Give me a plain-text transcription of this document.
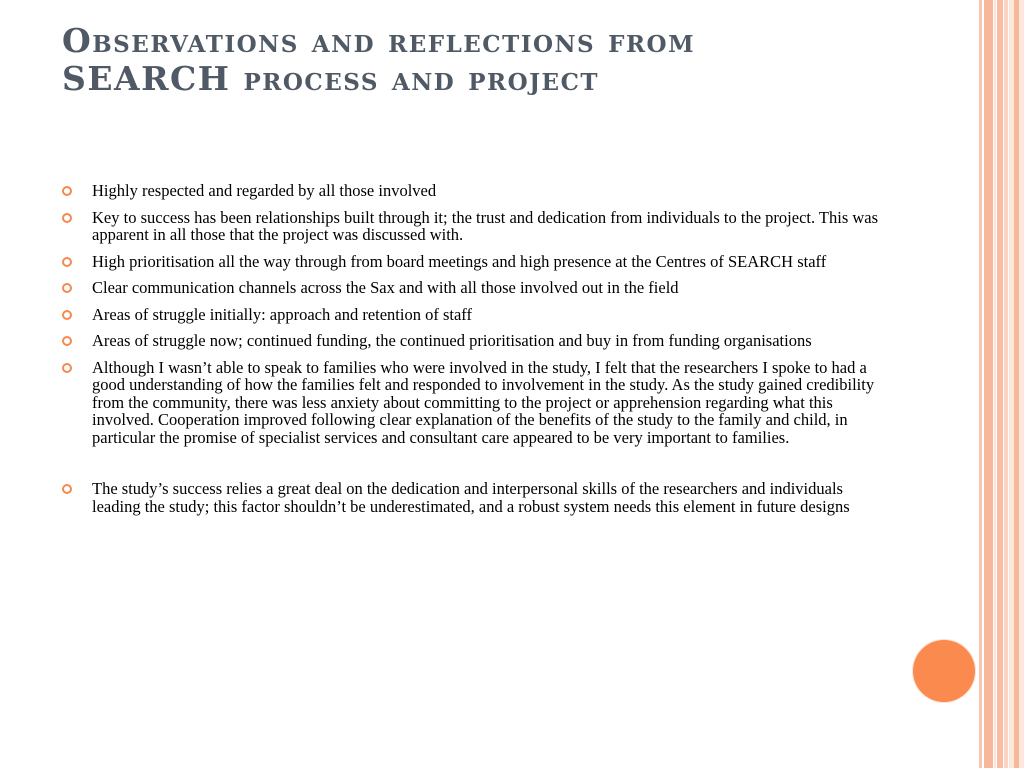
Observations and reflections from
SEARCH process and project
Highly respected and regarded by all those involved
Key to success has been relationships built through it; the trust and dedication from individuals to the project. This was apparent in all those that the project was discussed with.
High prioritisation all the way through from board meetings and high presence at the Centres of SEARCH staff
Clear communication channels across the Sax and with all those involved out in the field
Areas of struggle initially: approach and retention of staff
Areas of struggle now; continued funding, the continued prioritisation and buy in from funding organisations
Although I wasn’t able to speak to families who were involved in the study, I felt that the researchers I spoke to had a good understanding of how the families felt and responded to involvement in the study. As the study gained credibility from the community, there was less anxiety about committing to the project or apprehension regarding what this involved. Cooperation improved following clear explanation of the benefits of the study to the family and child, in particular the promise of specialist services and consultant care appeared to be very important to families.
The study’s success relies a great deal on the dedication and interpersonal skills of the researchers and individuals leading the study; this factor shouldn’t be underestimated, and a robust system needs this element in future designs
